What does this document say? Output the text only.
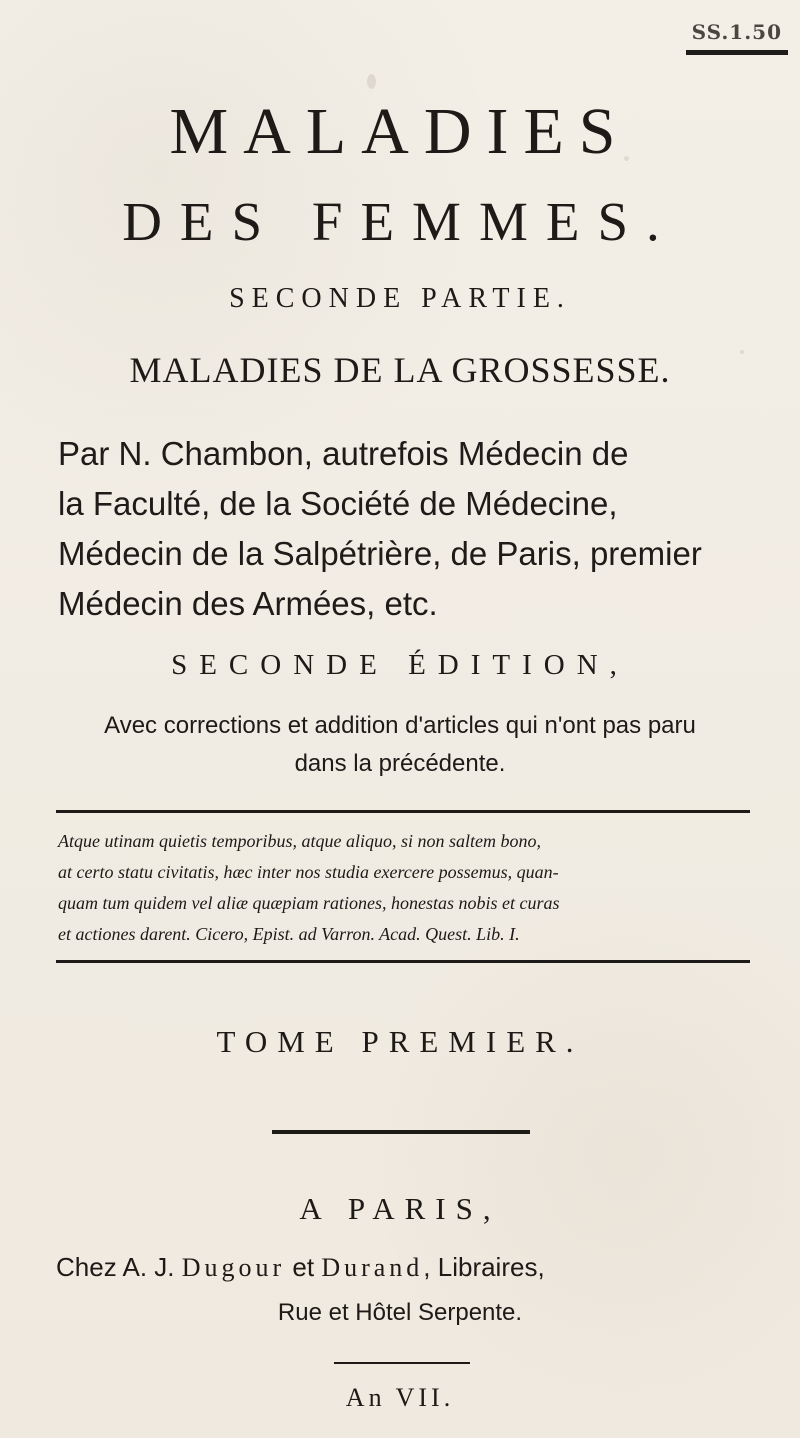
SS.1.50
MALADIES
DES FEMMES.
SECONDE PARTIE.
MALADIES DE LA GROSSESSE.
Par N. Chambon, autrefois Médecin de
la Faculté, de la Société de Médecine,
Médecin de la Salpétrière, de Paris, premier
Médecin des Armées, etc.
SECONDE ÉDITION,
Avec corrections et addition d'articles qui n'ont pas paru
dans la précédente.
Atque utinam quietis temporibus, atque aliquo, si non saltem bono,
at certo statu civitatis, hæc inter nos studia exercere possemus, quan-
quam tum quidem vel aliæ quæpiam rationes, honestas nobis et curas
et actiones darent. Cicero, Epist. ad Varron. Acad. Quest. Lib. I.
TOME PREMIER.
A PARIS,
Chez A. J. Dugour et Durand, Libraires,
Rue et Hôtel Serpente.
An VII.
